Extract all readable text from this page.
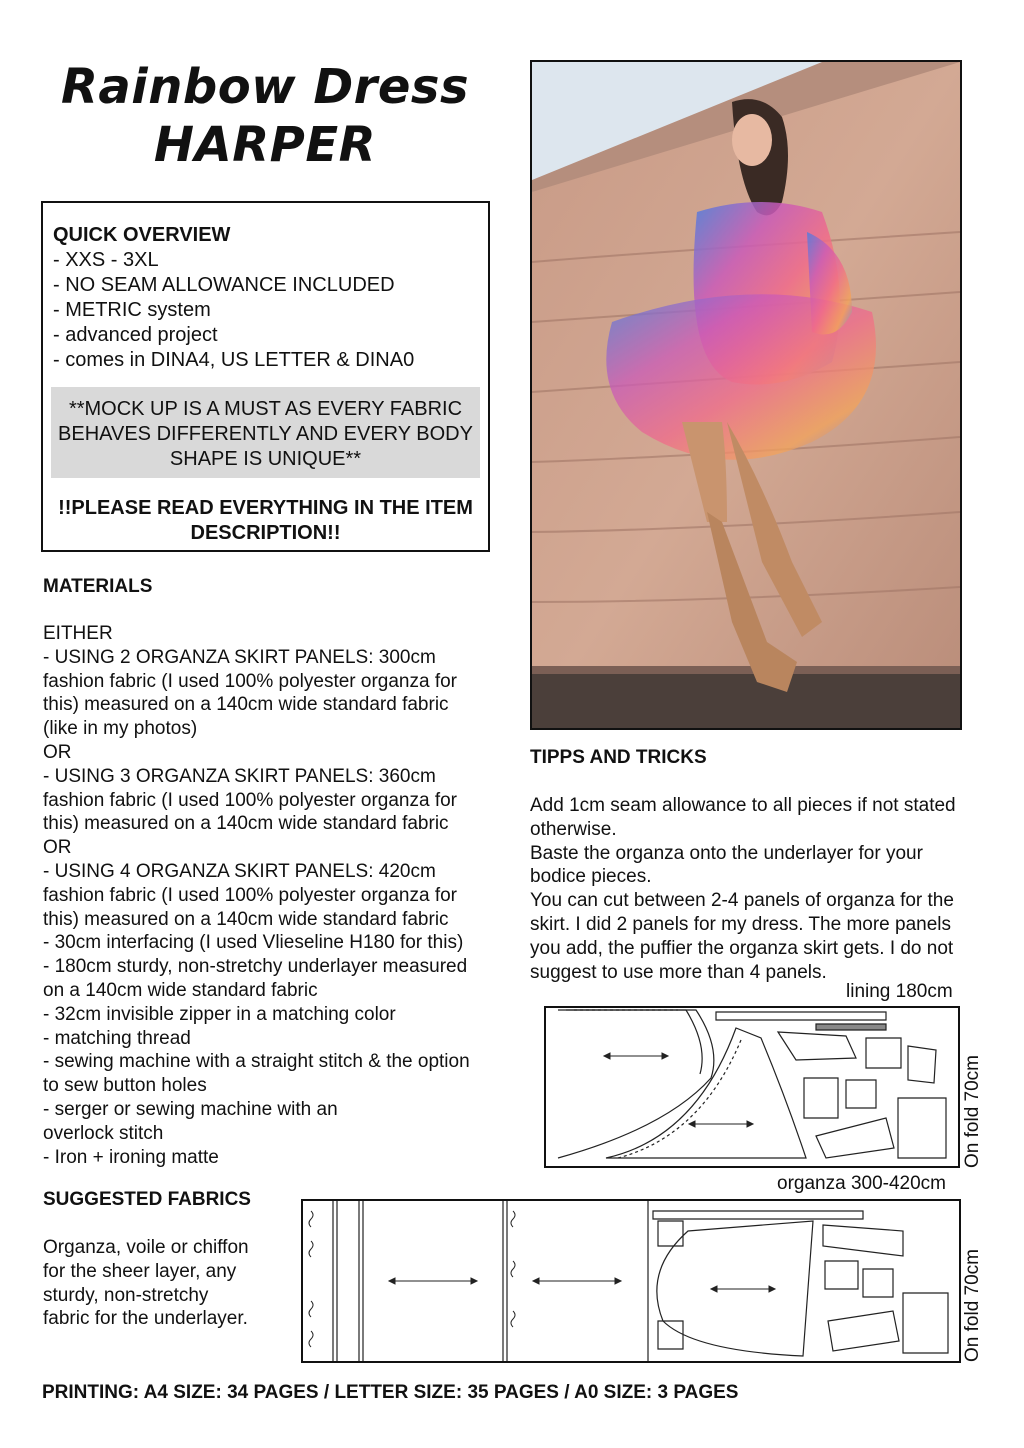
Rainbow Dress
HARPER
QUICK OVERVIEW
- XXS - 3XL
- NO SEAM ALLOWANCE INCLUDED
- METRIC system
- advanced project
- comes in DINA4, US LETTER & DINA0
**MOCK UP IS A MUST AS EVERY FABRIC BEHAVES DIFFERENTLY AND EVERY BODY SHAPE IS UNIQUE**
!!PLEASE READ EVERYTHING IN THE ITEM DESCRIPTION!!
MATERIALS
EITHER
- USING 2 ORGANZA SKIRT PANELS: 300cm
fashion fabric (I used 100% polyester organza for
this) measured on a 140cm wide standard fabric
(like in my photos)
OR
- USING 3 ORGANZA SKIRT PANELS: 360cm
fashion fabric (I used 100% polyester organza for
this) measured on a 140cm wide standard fabric
OR
- USING 4 ORGANZA SKIRT PANELS: 420cm
fashion fabric (I used 100% polyester organza for
this) measured on a 140cm wide standard fabric
- 30cm interfacing (I used Vlieseline H180 for this)
- 180cm sturdy, non-stretchy underlayer measured
on a 140cm wide standard fabric
- 32cm invisible zipper in a matching color
- matching thread
- sewing machine with a straight stitch & the option
to sew button holes
- serger or sewing machine with an
overlock stitch
- Iron + ironing matte
SUGGESTED FABRICS
Organza, voile or chiffon
for the sheer layer, any
sturdy, non-stretchy
fabric for the underlayer.
TIPPS AND TRICKS
Add 1cm seam allowance to all pieces if not stated
otherwise.
Baste the organza onto the underlayer for your
bodice pieces.
You can cut between 2-4 panels of organza for the
skirt. I did 2 panels for my dress. The more panels
you add, the puffier the organza skirt gets. I do not
suggest to use more than 4 panels.
lining 180cm
On fold 70cm
organza 300-420cm
On fold 70cm
PRINTING: A4 SIZE: 34 PAGES / LETTER SIZE: 35 PAGES / A0 SIZE: 3 PAGES
